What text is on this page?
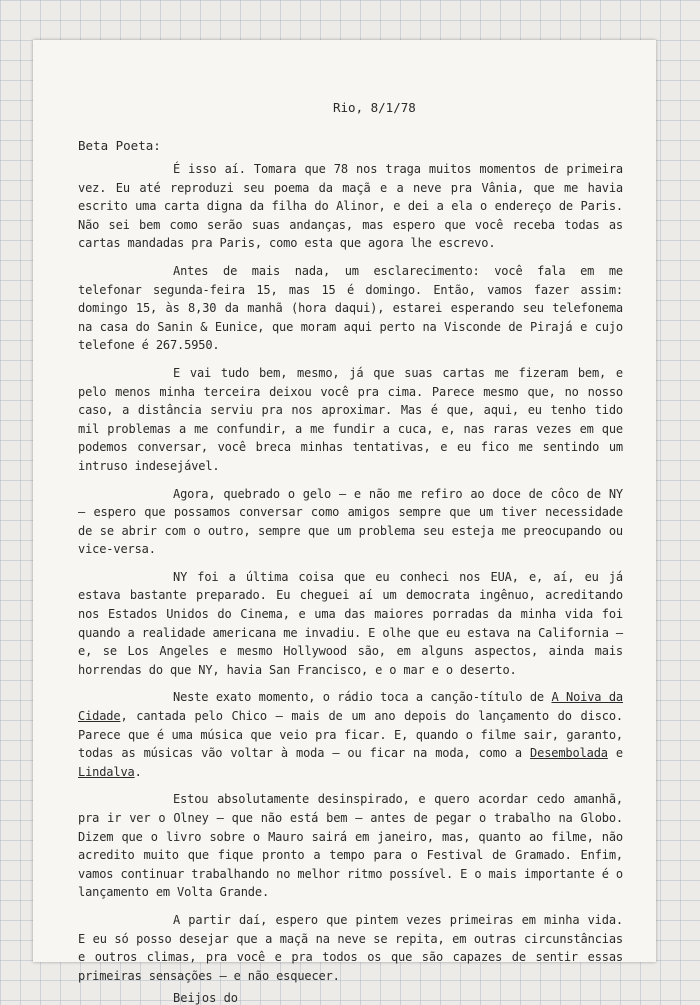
Rio, 8/1/78
Beta Poeta:

É isso aí. Tomara que 78 nos traga muitos momentos de primeira vez. Eu até reproduzi seu poema da maçã e a neve pra Vânia, que me havia escrito uma carta digna da filha do Alinor, e dei a ela o endereço de Paris. Não sei bem como serão suas andanças, mas espero que você receba todas as cartas mandadas pra Paris, como esta que agora lhe escrevo.

Antes de mais nada, um esclarecimento: você fala em me telefonar segunda-feira 15, mas 15 é domingo. Então, vamos fazer assim: domingo 15, às 8,30 da manhã (hora daqui), estarei esperando seu telefonema na casa do Sanin & Eunice, que moram aqui perto na Visconde de Pirajá e cujo telefone é 267.5950.

E vai tudo bem, mesmo, já que suas cartas me fizeram bem, e pelo menos minha terceira deixou você pra cima. Parece mesmo que, no nosso caso, a distância serviu pra nos aproximar. Mas é que, aqui, eu tenho tido mil problemas a me confundir, a me fundir a cuca, e, nas raras vezes em que podemos conversar, você breca minhas tentativas, e eu fico me sentindo um intruso indesejável.

Agora, quebrado o gelo — e não me refiro ao doce de côco de NY — espero que possamos conversar como amigos sempre que um tiver necessidade de se abrir com o outro, sempre que um problema seu esteja me preocupando ou vice-versa.

NY foi a última coisa que eu conheci nos EUA, e, aí, eu já estava bastante preparado. Eu cheguei aí um democrata ingênuo, acreditando nos Estados Unidos do Cinema, e uma das maiores porradas da minha vida foi quando a realidade americana me invadiu. E olhe que eu estava na California — e, se Los Angeles e mesmo Hollywood são, em alguns aspectos, ainda mais horrendas do que NY, havia San Francisco, e o mar e o deserto.

Neste exato momento, o rádio toca a canção-título de A Noiva da Cidade, cantada pelo Chico — mais de um ano depois do lançamento do disco. Parece que é uma música que veio pra ficar. E, quando o filme sair, garanto, todas as músicas vão voltar à moda — ou ficar na moda, como a Desembolada e Lindalva.

Estou absolutamente desinspirado, e quero acordar cedo amanhã, pra ir ver o Olney — que não está bem — antes de pegar o trabalho na Globo. Dizem que o livro sobre o Mauro sairá em janeiro, mas, quanto ao filme, não acredito muito que fique pronto a tempo para o Festival de Gramado. Enfim, vamos continuar trabalhando no melhor ritmo possível. E o mais importante é o lançamento em Volta Grande.

A partir daí, espero que pintem vezes primeiras em minha vida. E eu só posso desejar que a maçã na neve se repita, em outras circunstâncias e outros climas, pra você e pra todos os que são capazes de sentir essas primeiras sensações — e não esquecer.

Beijos do
